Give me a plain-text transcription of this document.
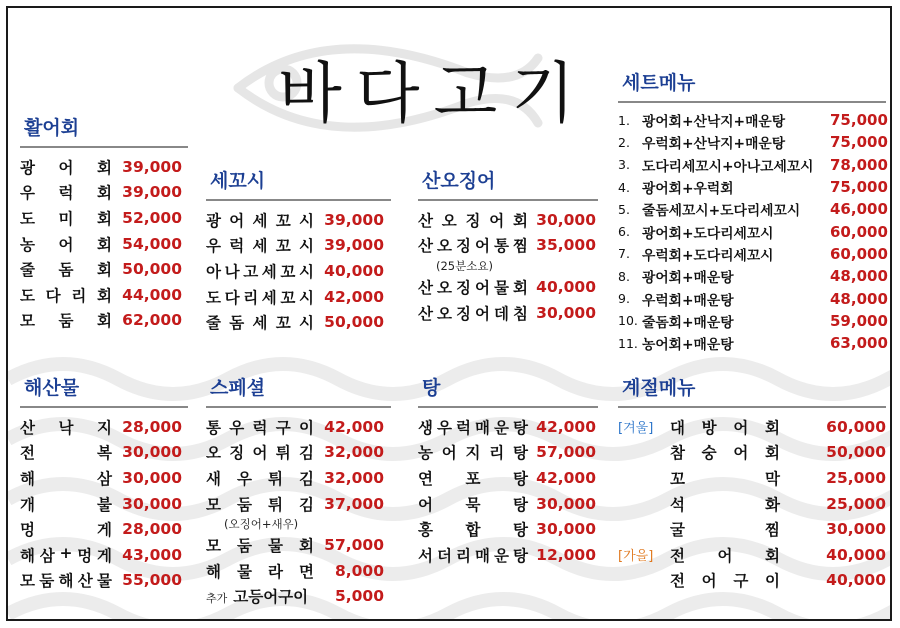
바다고기
활어회
광 어 회 39,000
우 럭 회 39,000
도 미 회 52,000
농 어 회 54,000
줄 돔 회 50,000
도 다 리 회 44,000
모 둠 회 62,000
세꼬시
광 어 세 꼬 시 39,000
우 럭 세 꼬 시 39,000
아 나 고 세 꼬 시 40,000
도 다 리 세 꼬 시 42,000
줄 돔 세 꼬 시 50,000
산오징어
산 오 징 어 회 30,000
산 오 징 어 통 찜 35,000
(25분소요)
산 오 징 어 물 회 40,000
산 오 징 어 데 침 30,000
세트메뉴
1. 광어회+산낙지+매운탕	75,000
2. 우럭회+산낙지+매운탕	75,000
3. 도다리세꼬시+아나고세꼬시	78,000
4. 광어회+우럭회	75,000
5. 줄돔세꼬시+도다리세꼬시	46,000
6. 광어회+도다리세꼬시	60,000
7. 우럭회+도다리세꼬시	60,000
8. 광어회+매운탕	48,000
9. 우럭회+매운탕	48,000
10. 줄돔회+매운탕	59,000
11. 농어회+매운탕	63,000
해산물
산 낙 지 28,000
전	복 30,000
해	삼 30,000
개	불 30,000
멍	게 28,000
해 삼 + 멍 게 43,000
모 둠 해 산 물 55,000
스페셜
통 우 럭 구 이 42,000
오 징 어 튀 김 32,000
새 우 튀 김 32,000
모 둠 튀 김 37,000
(오징어+새우)
모 둠 물 회 57,000
해 물 라 면	8,000
추가 고등어구이	5,000
탕
생 우 럭 매 운 탕 42,000
농 어 지 리 탕 57,000
연 포 탕 42,000
어 묵 탕 30,000
홍 합 탕 30,000
서 더 리 매 운 탕 12,000
계절메뉴
[겨울]	대 방 어 회	60,000
참 숭 어 회	50,000
꼬	막	25,000
석	화	25,000
굴	찜	30,000
[가을]	전 어 회	40,000
전 어 구 이	40,000
